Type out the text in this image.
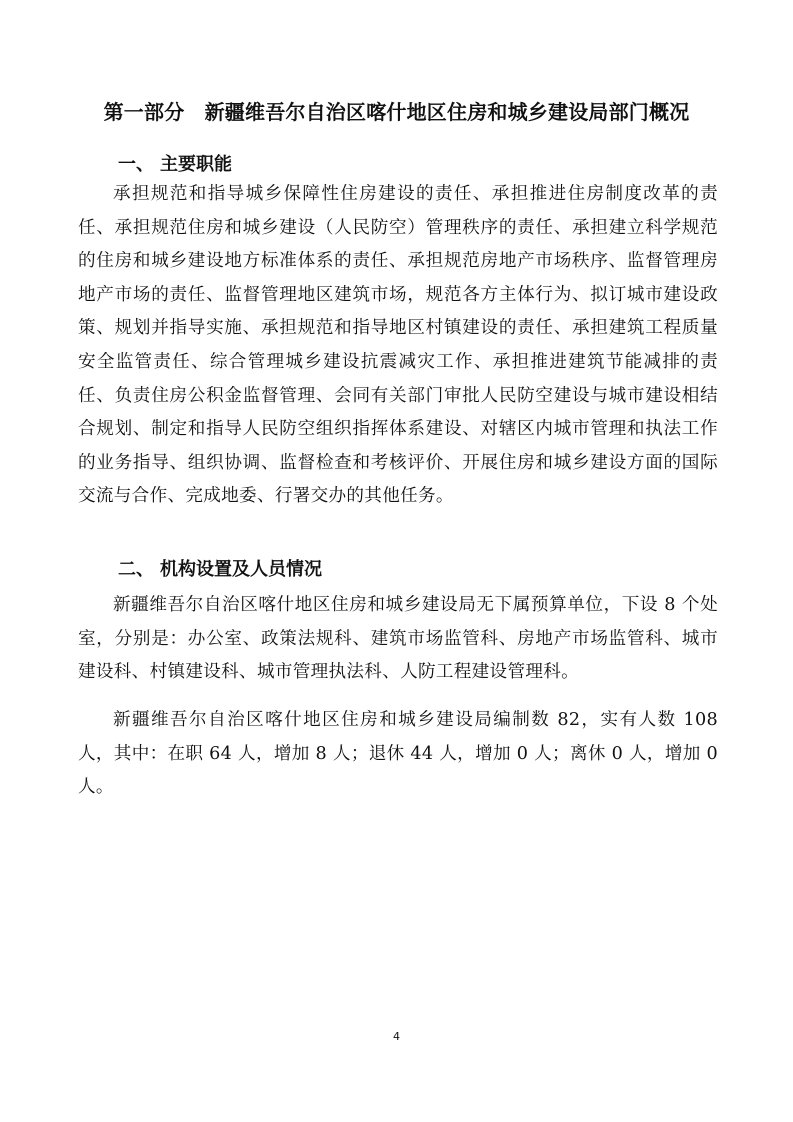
第一部分　新疆维吾尔自治区喀什地区住房和城乡建设局部门概况
一、 主要职能
承担规范和指导城乡保障性住房建设的责任、承担推进住房制度改革的责任、承担规范住房和城乡建设（人民防空）管理秩序的责任、承担建立科学规范的住房和城乡建设地方标准体系的责任、承担规范房地产市场秩序、监督管理房地产市场的责任、监督管理地区建筑市场，规范各方主体行为、拟订城市建设政策、规划并指导实施、承担规范和指导地区村镇建设的责任、承担建筑工程质量安全监管责任、综合管理城乡建设抗震减灾工作、承担推进建筑节能减排的责任、负责住房公积金监督管理、会同有关部门审批人民防空建设与城市建设相结合规划、制定和指导人民防空组织指挥体系建设、对辖区内城市管理和执法工作的业务指导、组织协调、监督检查和考核评价、开展住房和城乡建设方面的国际交流与合作、完成地委、行署交办的其他任务。
二、 机构设置及人员情况
新疆维吾尔自治区喀什地区住房和城乡建设局无下属预算单位，下设 8 个处室，分别是：办公室、政策法规科、建筑市场监管科、房地产市场监管科、城市建设科、村镇建设科、城市管理执法科、人防工程建设管理科。
新疆维吾尔自治区喀什地区住房和城乡建设局编制数 82，实有人数 108 人，其中：在职 64 人，增加 8 人；退休 44 人，增加 0 人；离休 0 人，增加 0 人。
4
